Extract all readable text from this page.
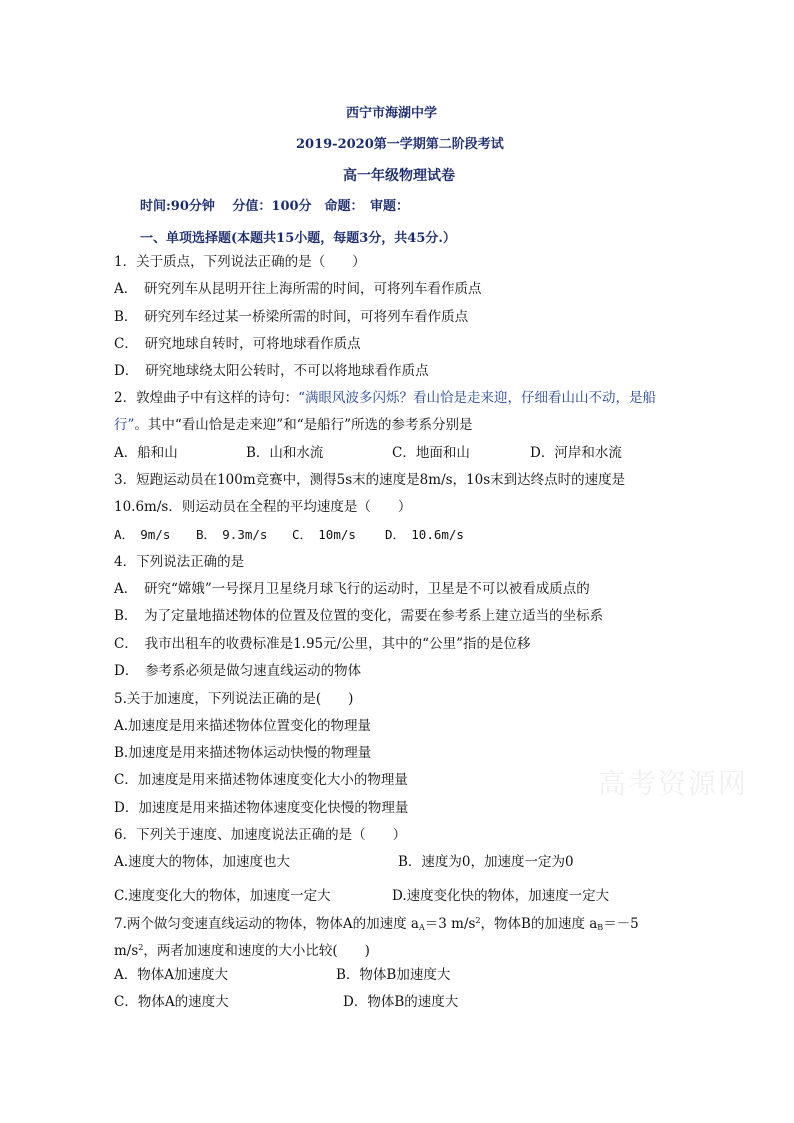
西宁市海湖中学
2019-2020第一学期第二阶段考试
高一年级物理试卷
时间:90分钟　 分值：100分　命题：　审题：
一、单项选择题(本题共15小题，每题3分，共45分.）
1．关于质点，下列说法正确的是（　　）
A．　研究列车从昆明开往上海所需的时间，可将列车看作质点
B．　研究列车经过某一桥梁所需的时间，可将列车看作质点
C．　研究地球自转时，可将地球看作质点
D．　研究地球绕太阳公转时，不可以将地球看作质点
2．敦煌曲子中有这样的诗句：“满眼风波多闪烁？看山恰是走来迎，仔细看山山不动，是船
行”。其中“看山恰是走来迎”和“是船行”所选的参考系分别是
A．船和山	B．山和水流	C．地面和山	D．河岸和水流
3．短跑运动员在100m竞赛中，测得5s末的速度是8m/s，10s末到达终点时的速度是
10.6m/s．则运动员在全程的平均速度是（　　）
A．　9m/s B．　9.3m/s C．　10m/s D．　10.6m/s
4．下列说法正确的是
A．　研究“嫦娥”一号探月卫星绕月球飞行的运动时，卫星是不可以被看成质点的
B．　为了定量地描述物体的位置及位置的变化，需要在参考系上建立适当的坐标系
C．　我市出租车的收费标准是1.95元/公里，其中的“公里”指的是位移
D．　参考系必须是做匀速直线运动的物体
5.关于加速度，下列说法正确的是(　　)
A.加速度是用来描述物体位置变化的物理量
B.加速度是用来描述物体运动快慢的物理量
C．加速度是用来描述物体速度变化大小的物理量
D．加速度是用来描述物体速度变化快慢的物理量
高考资源网
6．下列关于速度、加速度说法正确的是（　　）
A.速度大的物体，加速度也大	B．速度为0，加速度一定为0
C.速度变化大的物体，加速度一定大	D.速度变化快的物体，加速度一定大
7.两个做匀变速直线运动的物体，物体A的加速度 $a_A=3$ $m/s^2$，物体B的加速度 $a_B=-5$
$m/s^2$，两者加速度和速度的大小比较(　　)
A．物体A加速度大	B．物体B加速度大
C．物体A的速度大	D．物体B的速度大
